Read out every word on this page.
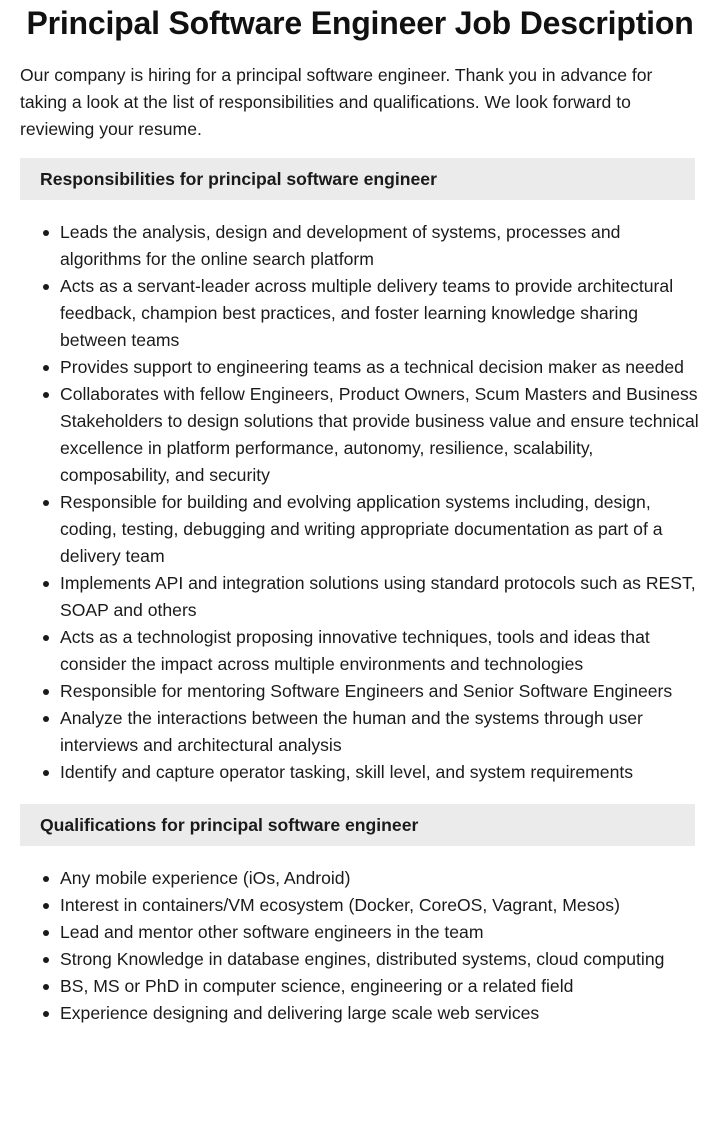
Principal Software Engineer Job Description

Our company is hiring for a principal software engineer. Thank you in advance for taking a look at the list of responsibilities and qualifications. We look forward to reviewing your resume.

Responsibilities for principal software engineer
Leads the analysis, design and development of systems, processes and algorithms for the online search platform
Acts as a servant-leader across multiple delivery teams to provide architectural feedback, champion best practices, and foster learning knowledge sharing between teams
Provides support to engineering teams as a technical decision maker as needed
Collaborates with fellow Engineers, Product Owners, Scum Masters and Business Stakeholders to design solutions that provide business value and ensure technical excellence in platform performance, autonomy, resilience, scalability, composability, and security
Responsible for building and evolving application systems including, design, coding, testing, debugging and writing appropriate documentation as part of a delivery team
Implements API and integration solutions using standard protocols such as REST, SOAP and others
Acts as a technologist proposing innovative techniques, tools and ideas that consider the impact across multiple environments and technologies
Responsible for mentoring Software Engineers and Senior Software Engineers
Analyze the interactions between the human and the systems through user interviews and architectural analysis
Identify and capture operator tasking, skill level, and system requirements
Qualifications for principal software engineer
Any mobile experience (iOs, Android)
Interest in containers/VM ecosystem (Docker, CoreOS, Vagrant, Mesos)
Lead and mentor other software engineers in the team
Strong Knowledge in database engines, distributed systems, cloud computing
BS, MS or PhD in computer science, engineering or a related field
Experience designing and delivering large scale web services
